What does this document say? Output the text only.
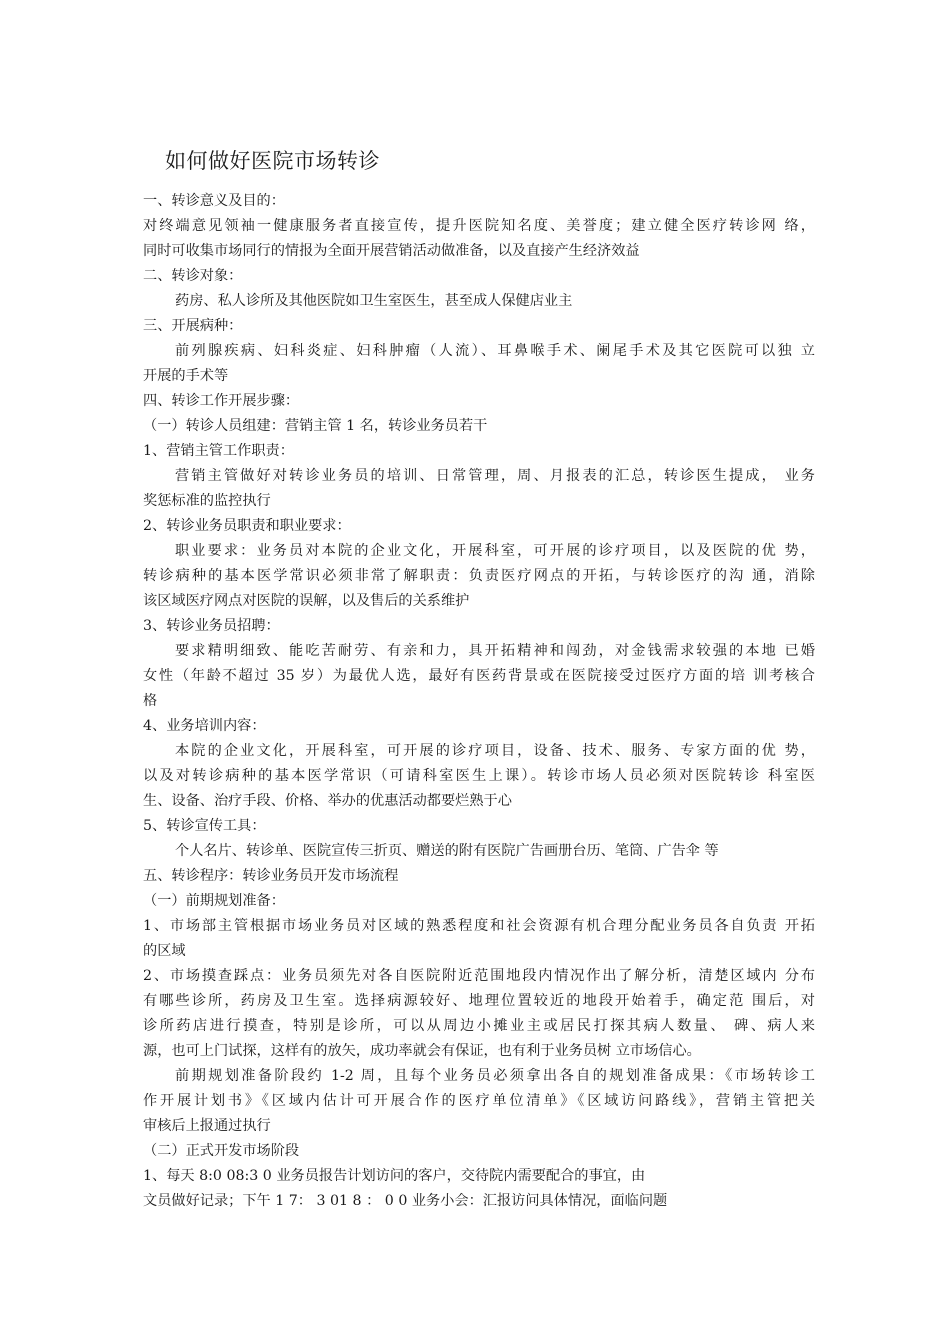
如何做好医院市场转诊
一、转诊意义及目的：
对终端意见领袖一健康服务者直接宣传，提升医院知名度、美誉度；建立健全医疗转诊网 络，
同时可收集市场同行的情报为全面开展营销活动做准备，以及直接产生经济效益
二、转诊对象：
药房、私人诊所及其他医院如卫生室医生，甚至成人保健店业主
三、开展病种：
前列腺疾病、妇科炎症、妇科肿瘤（人流）、耳鼻喉手术、阑尾手术及其它医院可以独 立
开展的手术等
四、转诊工作开展步骤：
（一）转诊人员组建：营销主管 1 名，转诊业务员若干
1、营销主管工作职责：
营销主管做好对转诊业务员的培训、日常管理，周、月报表的汇总，转诊医生提成， 业务
奖惩标准的监控执行
2、转诊业务员职责和职业要求：
职业要求：业务员对本院的企业文化，开展科室，可开展的诊疗项目，以及医院的优 势，
转诊病种的基本医学常识必须非常了解职责：负责医疗网点的开拓，与转诊医疗的沟 通，消除
该区域医疗网点对医院的误解，以及售后的关系维护
3、转诊业务员招聘：
要求精明细致、能吃苦耐劳、有亲和力，具开拓精神和闯劲，对金钱需求较强的本地 已婚
女性（年龄不超过 35 岁）为最优人选，最好有医药背景或在医院接受过医疗方面的培 训考核合
格
4、业务培训内容：
本院的企业文化，开展科室，可开展的诊疗项目，设备、技术、服务、专家方面的优 势，
以及对转诊病种的基本医学常识（可请科室医生上课）。转诊市场人员必须对医院转诊 科室医
生、设备、治疗手段、价格、举办的优惠活动都要烂熟于心
5、转诊宣传工具：
个人名片、转诊单、医院宣传三折页、赠送的附有医院广告画册台历、笔筒、广告伞 等
五、转诊程序：转诊业务员开发市场流程
（一）前期规划准备：
1、市场部主管根据市场业务员对区域的熟悉程度和社会资源有机合理分配业务员各自负责 开拓
的区域
2、市场摸查踩点：业务员须先对各自医院附近范围地段内情况作出了解分析，清楚区域内 分布
有哪些诊所，药房及卫生室。选择病源较好、地理位置较近的地段开始着手，确定范 围后，对
诊所药店进行摸查，特别是诊所，可以从周边小摊业主或居民打探其病人数量、 碑、病人来
源，也可上门试探，这样有的放矢，成功率就会有保证，也有利于业务员树 立市场信心。
前期规划准备阶段约 1-2 周，且每个业务员必须拿出各自的规划准备成果：《市场转诊工
作开展计划书》《区域内估计可开展合作的医疗单位清单》《区域访问路线》，营销主管把关
审核后上报通过执行
（二）正式开发市场阶段
1、每天 8:0 08:3 0 业务员报告计划访问的客户，交待院内需要配合的事宜，由
文员做好记录；下午 1 7： 3 01 8 ： 0 0 业务小会：汇报访问具体情况，面临问题
